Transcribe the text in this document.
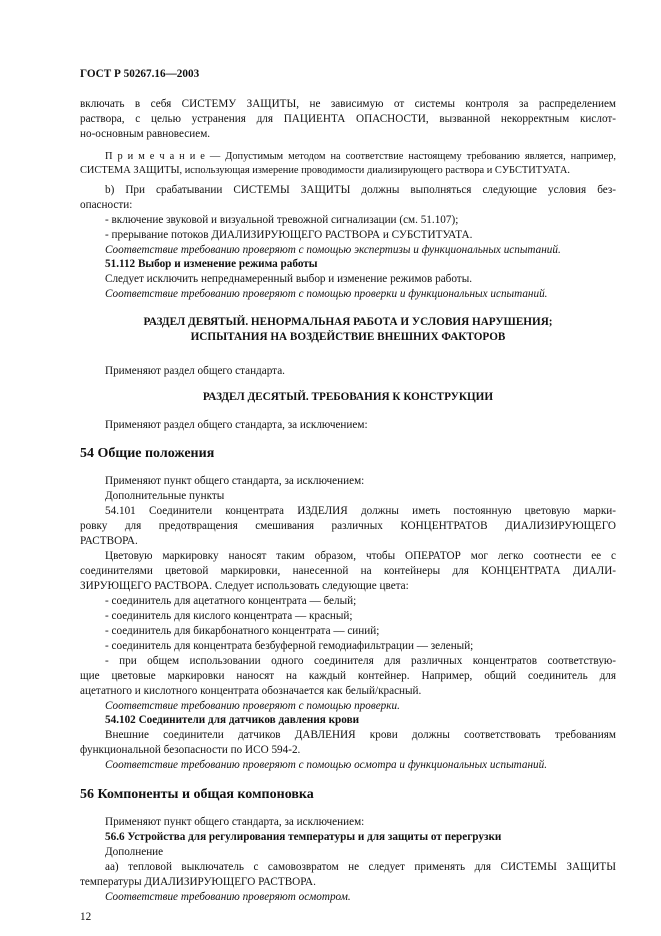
ГОСТ Р 50267.16—2003
включать в себя СИСТЕМУ ЗАЩИТЫ, не зависимую от системы контроля за распределением
раствора, с целью устранения для ПАЦИЕНТА ОПАСНОСТИ, вызванной некорректным кислот-
но-основным равновесием.
П р и м е ч а н и е — Допустимым методом на соответствие настоящему требованию является, например,
СИСТЕМА ЗАЩИТЫ, использующая измерение проводимости диализирующего раствора и СУБСТИТУАТА.
b) При срабатывании СИСТЕМЫ ЗАЩИТЫ должны выполняться следующие условия без-
опасности:
- включение звуковой и визуальной тревожной сигнализации (см. 51.107);
- прерывание потоков ДИАЛИЗИРУЮЩЕГО РАСТВОРА и СУБСТИТУАТА.
Соответствие требованию проверяют с помощью экспертизы и функциональных испытаний.
51.112 Выбор и изменение режима работы
Следует исключить непреднамеренный выбор и изменение режимов работы.
Соответствие требованию проверяют с помощью проверки и функциональных испытаний.
РАЗДЕЛ ДЕВЯТЫЙ. НЕНОРМАЛЬНАЯ РАБОТА И УСЛОВИЯ НАРУШЕНИЯ;
ИСПЫТАНИЯ НА ВОЗДЕЙСТВИЕ ВНЕШНИХ ФАКТОРОВ
Применяют раздел общего стандарта.
РАЗДЕЛ ДЕСЯТЫЙ. ТРЕБОВАНИЯ К КОНСТРУКЦИИ
Применяют раздел общего стандарта, за исключением:
54 Общие положения
Применяют пункт общего стандарта, за исключением:
Дополнительные пункты
54.101 Соединители концентрата ИЗДЕЛИЯ должны иметь постоянную цветовую марки-
ровку для предотвращения смешивания различных КОНЦЕНТРАТОВ ДИАЛИЗИРУЮЩЕГО
РАСТВОРА.
Цветовую маркировку наносят таким образом, чтобы ОПЕРАТОР мог легко соотнести ее с
соединителями цветовой маркировки, нанесенной на контейнеры для КОНЦЕНТРАТА ДИАЛИ-
ЗИРУЮЩЕГО РАСТВОРА. Следует использовать следующие цвета:
- соединитель для ацетатного концентрата — белый;
- соединитель для кислого концентрата — красный;
- соединитель для бикарбонатного концентрата — синий;
- соединитель для концентрата безбуферной гемодиафильтрации — зеленый;
- при общем использовании одного соединителя для различных концентратов соответствую-
щие цветовые маркировки наносят на каждый контейнер. Например, общий соединитель для
ацетатного и кислотного концентрата обозначается как белый/красный.
Соответствие требованию проверяют с помощью проверки.
54.102 Соединители для датчиков давления крови
Внешние соединители датчиков ДАВЛЕНИЯ крови должны соответствовать требованиям
функциональной безопасности по ИСО 594-2.
Соответствие требованию проверяют с помощью осмотра и функциональных испытаний.
56 Компоненты и общая компоновка
Применяют пункт общего стандарта, за исключением:
56.6 Устройства для регулирования температуры и для защиты от перегрузки
Дополнение
аа) тепловой выключатель с самовозвратом не следует применять для СИСТЕМЫ ЗАЩИТЫ
температуры ДИАЛИЗИРУЮЩЕГО РАСТВОРА.
Соответствие требованию проверяют осмотром.
12
